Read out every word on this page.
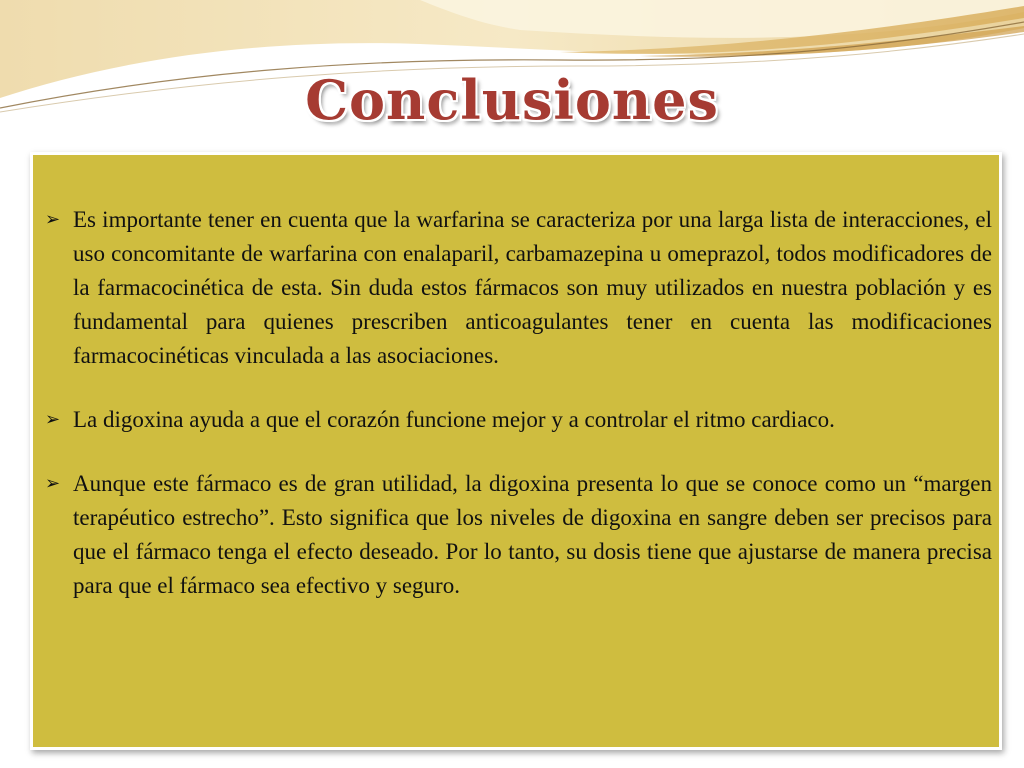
Conclusiones
➢ Es importante tener en cuenta que la warfarina se caracteriza por una larga lista de interacciones, el uso concomitante de warfarina con enalaparil, carbamazepina u omeprazol, todos modificadores de la farmacocinética de esta. Sin duda estos fármacos son muy utilizados en nuestra población y es fundamental para quienes prescriben anticoagulantes tener en cuenta las modificaciones farmacocinéticas vinculada a las asociaciones.
➢ La digoxina ayuda a que el corazón funcione mejor y a controlar el ritmo cardiaco.
➢ Aunque este fármaco es de gran utilidad, la digoxina presenta lo que se conoce como un “margen terapéutico estrecho”. Esto significa que los niveles de digoxina en sangre deben ser precisos para que el fármaco tenga el efecto deseado. Por lo tanto, su dosis tiene que ajustarse de manera precisa para que el fármaco sea efectivo y seguro.
